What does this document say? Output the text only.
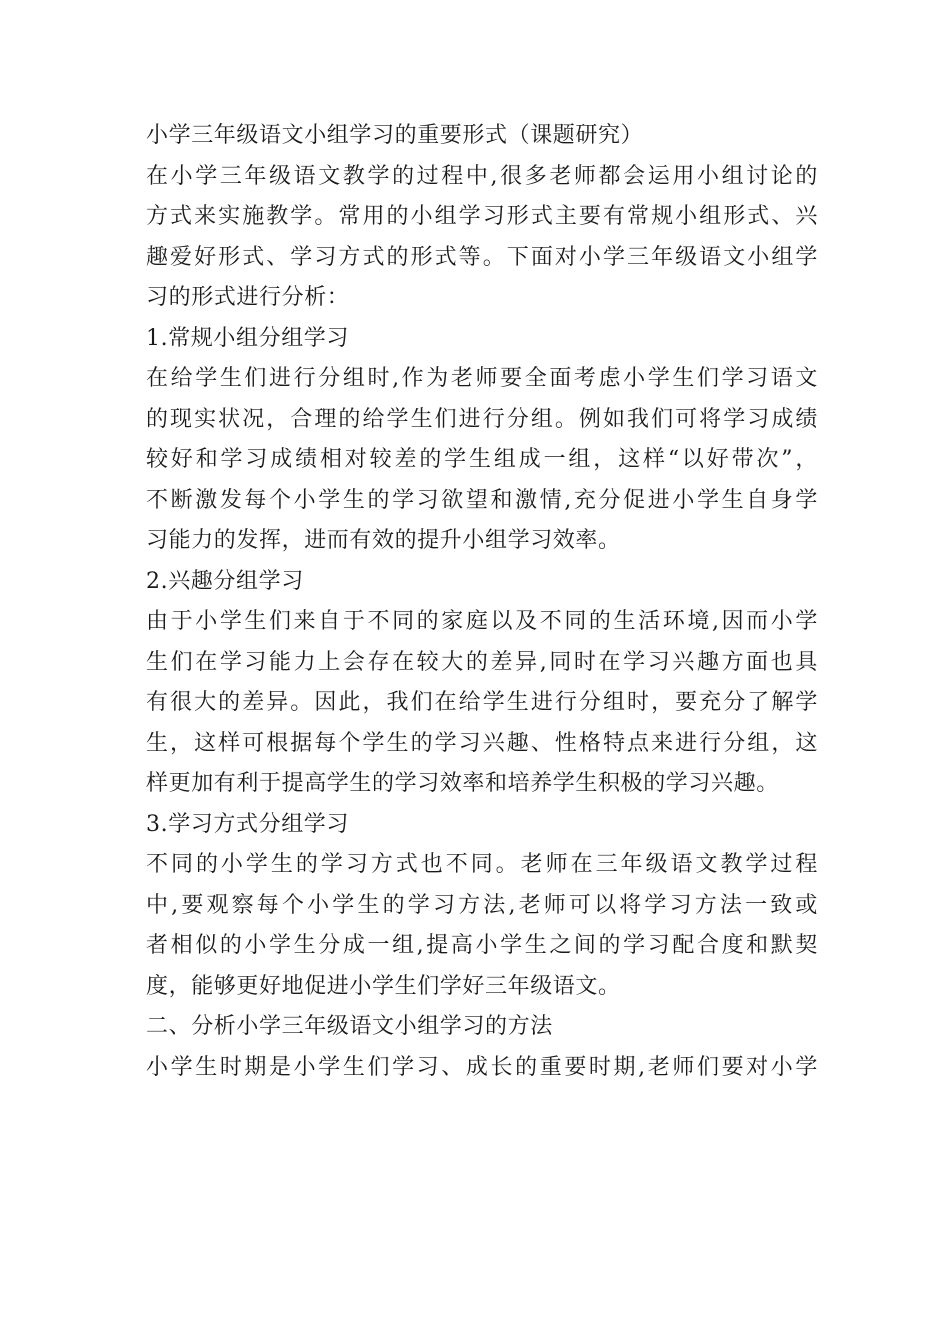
小学三年级语文小组学习的重要形式（课题研究）
在小学三年级语文教学的过程中,很多老师都会运用小组讨论的
方式来实施教学。常用的小组学习形式主要有常规小组形式、兴
趣爱好形式、学习方式的形式等。下面对小学三年级语文小组学
习的形式进行分析：
1.常规小组分组学习
在给学生们进行分组时,作为老师要全面考虑小学生们学习语文
的现实状况，合理的给学生们进行分组。例如我们可将学习成绩
较好和学习成绩相对较差的学生组成一组，这样“以好带次”，
不断激发每个小学生的学习欲望和激情,充分促进小学生自身学
习能力的发挥，进而有效的提升小组学习效率。
2.兴趣分组学习
由于小学生们来自于不同的家庭以及不同的生活环境,因而小学
生们在学习能力上会存在较大的差异,同时在学习兴趣方面也具
有很大的差异。因此，我们在给学生进行分组时，要充分了解学
生，这样可根据每个学生的学习兴趣、性格特点来进行分组，这
样更加有利于提高学生的学习效率和培养学生积极的学习兴趣。
3.学习方式分组学习
不同的小学生的学习方式也不同。老师在三年级语文教学过程
中,要观察每个小学生的学习方法,老师可以将学习方法一致或
者相似的小学生分成一组,提高小学生之间的学习配合度和默契
度，能够更好地促进小学生们学好三年级语文。
二、分析小学三年级语文小组学习的方法
小学生时期是小学生们学习、成长的重要时期,老师们要对小学
